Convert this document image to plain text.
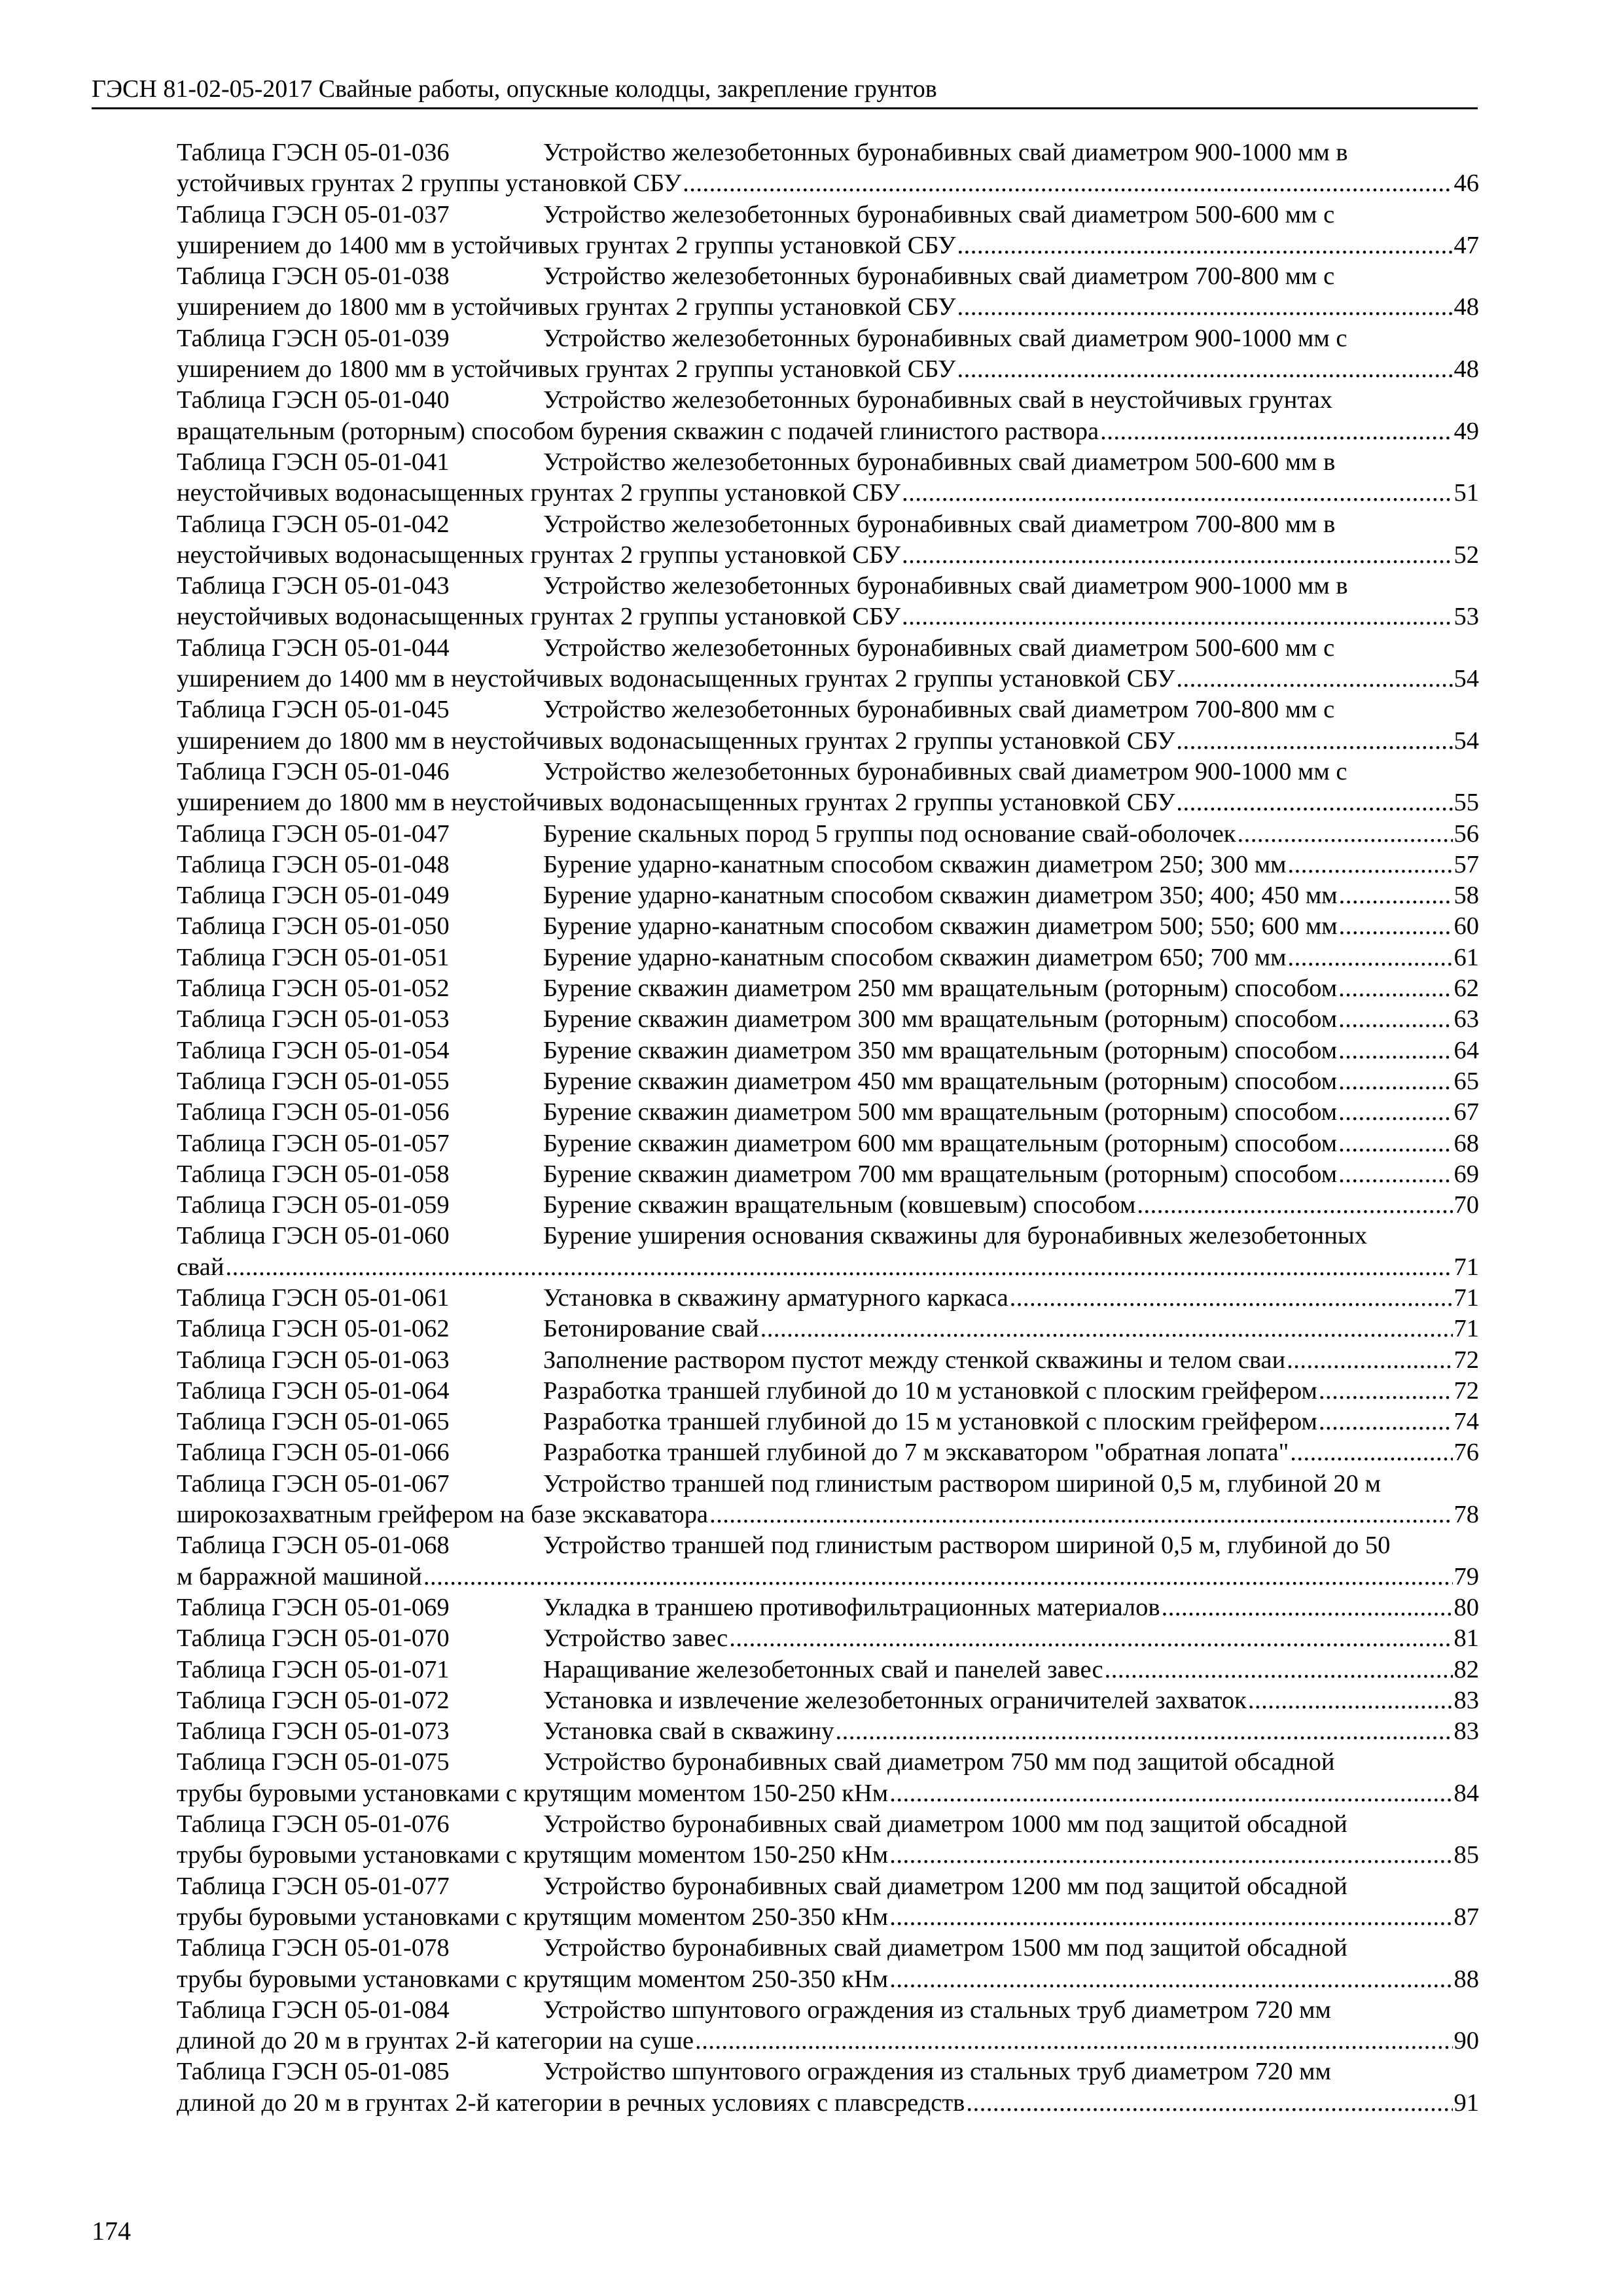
ГЭСН 81-02-05-2017 Свайные работы, опускные колодцы, закрепление грунтов
Таблица ГЭСН 05-01-036	Устройство железобетонных буронабивных свай диаметром 900-1000 мм в
устойчивых грунтах 2 группы установкой СБУ .....	46
Таблица ГЭСН 05-01-037	Устройство железобетонных буронабивных свай диаметром 500-600 мм с
уширением до 1400 мм в устойчивых грунтах 2 группы установкой СБУ .....	47
Таблица ГЭСН 05-01-038	Устройство железобетонных буронабивных свай диаметром 700-800 мм с
уширением до 1800 мм в устойчивых грунтах 2 группы установкой СБУ .....	48
Таблица ГЭСН 05-01-039	Устройство железобетонных буронабивных свай диаметром 900-1000 мм с
уширением до 1800 мм в устойчивых грунтах 2 группы установкой СБУ .....	48
Таблица ГЭСН 05-01-040	Устройство железобетонных буронабивных свай в неустойчивых грунтах
вращательным (роторным) способом бурения скважин с подачей глинистого раствора .....	49
Таблица ГЭСН 05-01-041	Устройство железобетонных буронабивных свай диаметром 500-600 мм в
неустойчивых водонасыщенных грунтах 2 группы установкой СБУ .....	51
Таблица ГЭСН 05-01-042	Устройство железобетонных буронабивных свай диаметром 700-800 мм в
неустойчивых водонасыщенных грунтах 2 группы установкой СБУ .....	52
Таблица ГЭСН 05-01-043	Устройство железобетонных буронабивных свай диаметром 900-1000 мм в
неустойчивых водонасыщенных грунтах 2 группы установкой СБУ .....	53
Таблица ГЭСН 05-01-044	Устройство железобетонных буронабивных свай диаметром 500-600 мм с
уширением до 1400 мм в неустойчивых водонасыщенных грунтах 2 группы установкой СБУ .....	54
Таблица ГЭСН 05-01-045	Устройство железобетонных буронабивных свай диаметром 700-800 мм с
уширением до 1800 мм в неустойчивых водонасыщенных грунтах 2 группы установкой СБУ .....	54
Таблица ГЭСН 05-01-046	Устройство железобетонных буронабивных свай диаметром 900-1000 мм с
уширением до 1800 мм в неустойчивых водонасыщенных грунтах 2 группы установкой СБУ .....	55
Таблица ГЭСН 05-01-047	Бурение скальных пород 5 группы под основание свай-оболочек .....	56
Таблица ГЭСН 05-01-048	Бурение ударно-канатным способом скважин диаметром 250; 300 мм .....	57
Таблица ГЭСН 05-01-049	Бурение ударно-канатным способом скважин диаметром 350; 400; 450 мм .....	58
Таблица ГЭСН 05-01-050	Бурение ударно-канатным способом скважин диаметром 500; 550; 600 мм .....	60
Таблица ГЭСН 05-01-051	Бурение ударно-канатным способом скважин диаметром 650; 700 мм .....	61
Таблица ГЭСН 05-01-052	Бурение скважин диаметром 250 мм вращательным (роторным) способом .....	62
Таблица ГЭСН 05-01-053	Бурение скважин диаметром 300 мм вращательным (роторным) способом .....	63
Таблица ГЭСН 05-01-054	Бурение скважин диаметром 350 мм вращательным (роторным) способом .....	64
Таблица ГЭСН 05-01-055	Бурение скважин диаметром 450 мм вращательным (роторным) способом .....	65
Таблица ГЭСН 05-01-056	Бурение скважин диаметром 500 мм вращательным (роторным) способом .....	67
Таблица ГЭСН 05-01-057	Бурение скважин диаметром 600 мм вращательным (роторным) способом .....	68
Таблица ГЭСН 05-01-058	Бурение скважин диаметром 700 мм вращательным (роторным) способом .....	69
Таблица ГЭСН 05-01-059	Бурение скважин вращательным (ковшевым) способом .....	70
Таблица ГЭСН 05-01-060	Бурение уширения основания скважины для буронабивных железобетонных
свай .....	71
Таблица ГЭСН 05-01-061	Установка в скважину арматурного каркаса .....	71
Таблица ГЭСН 05-01-062	Бетонирование свай .....	71
Таблица ГЭСН 05-01-063	Заполнение раствором пустот между стенкой скважины и телом сваи .....	72
Таблица ГЭСН 05-01-064	Разработка траншей глубиной до 10 м установкой с плоским грейфером .....	72
Таблица ГЭСН 05-01-065	Разработка траншей глубиной до 15 м установкой с плоским грейфером .....	74
Таблица ГЭСН 05-01-066	Разработка траншей глубиной до 7 м экскаватором "обратная лопата" .....	76
Таблица ГЭСН 05-01-067	Устройство траншей под глинистым раствором шириной 0,5 м, глубиной 20 м
широкозахватным грейфером на базе экскаватора .....	78
Таблица ГЭСН 05-01-068	Устройство траншей под глинистым раствором шириной 0,5 м, глубиной до 50
м барражной машиной .....	79
Таблица ГЭСН 05-01-069	Укладка в траншею противофильтрационных материалов .....	80
Таблица ГЭСН 05-01-070	Устройство завес .....	81
Таблица ГЭСН 05-01-071	Наращивание железобетонных свай и панелей завес .....	82
Таблица ГЭСН 05-01-072	Установка и извлечение железобетонных ограничителей захваток .....	83
Таблица ГЭСН 05-01-073	Установка свай в скважину .....	83
Таблица ГЭСН 05-01-075	Устройство буронабивных свай диаметром 750 мм под защитой обсадной
трубы буровыми установками с крутящим моментом 150-250 кНм .....	84
Таблица ГЭСН 05-01-076	Устройство буронабивных свай диаметром 1000 мм под защитой обсадной
трубы буровыми установками с крутящим моментом 150-250 кНм .....	85
Таблица ГЭСН 05-01-077	Устройство буронабивных свай диаметром 1200 мм под защитой обсадной
трубы буровыми установками с крутящим моментом 250-350 кНм .....	87
Таблица ГЭСН 05-01-078	Устройство буронабивных свай диаметром 1500 мм под защитой обсадной
трубы буровыми установками с крутящим моментом 250-350 кНм .....	88
Таблица ГЭСН 05-01-084	Устройство шпунтового ограждения из стальных труб диаметром 720 мм
длиной до 20 м в грунтах 2-й категории на суше .....	90
Таблица ГЭСН 05-01-085	Устройство шпунтового ограждения из стальных труб диаметром 720 мм
длиной до 20 м в грунтах 2-й категории в речных условиях с плавсредств .....	91
174
